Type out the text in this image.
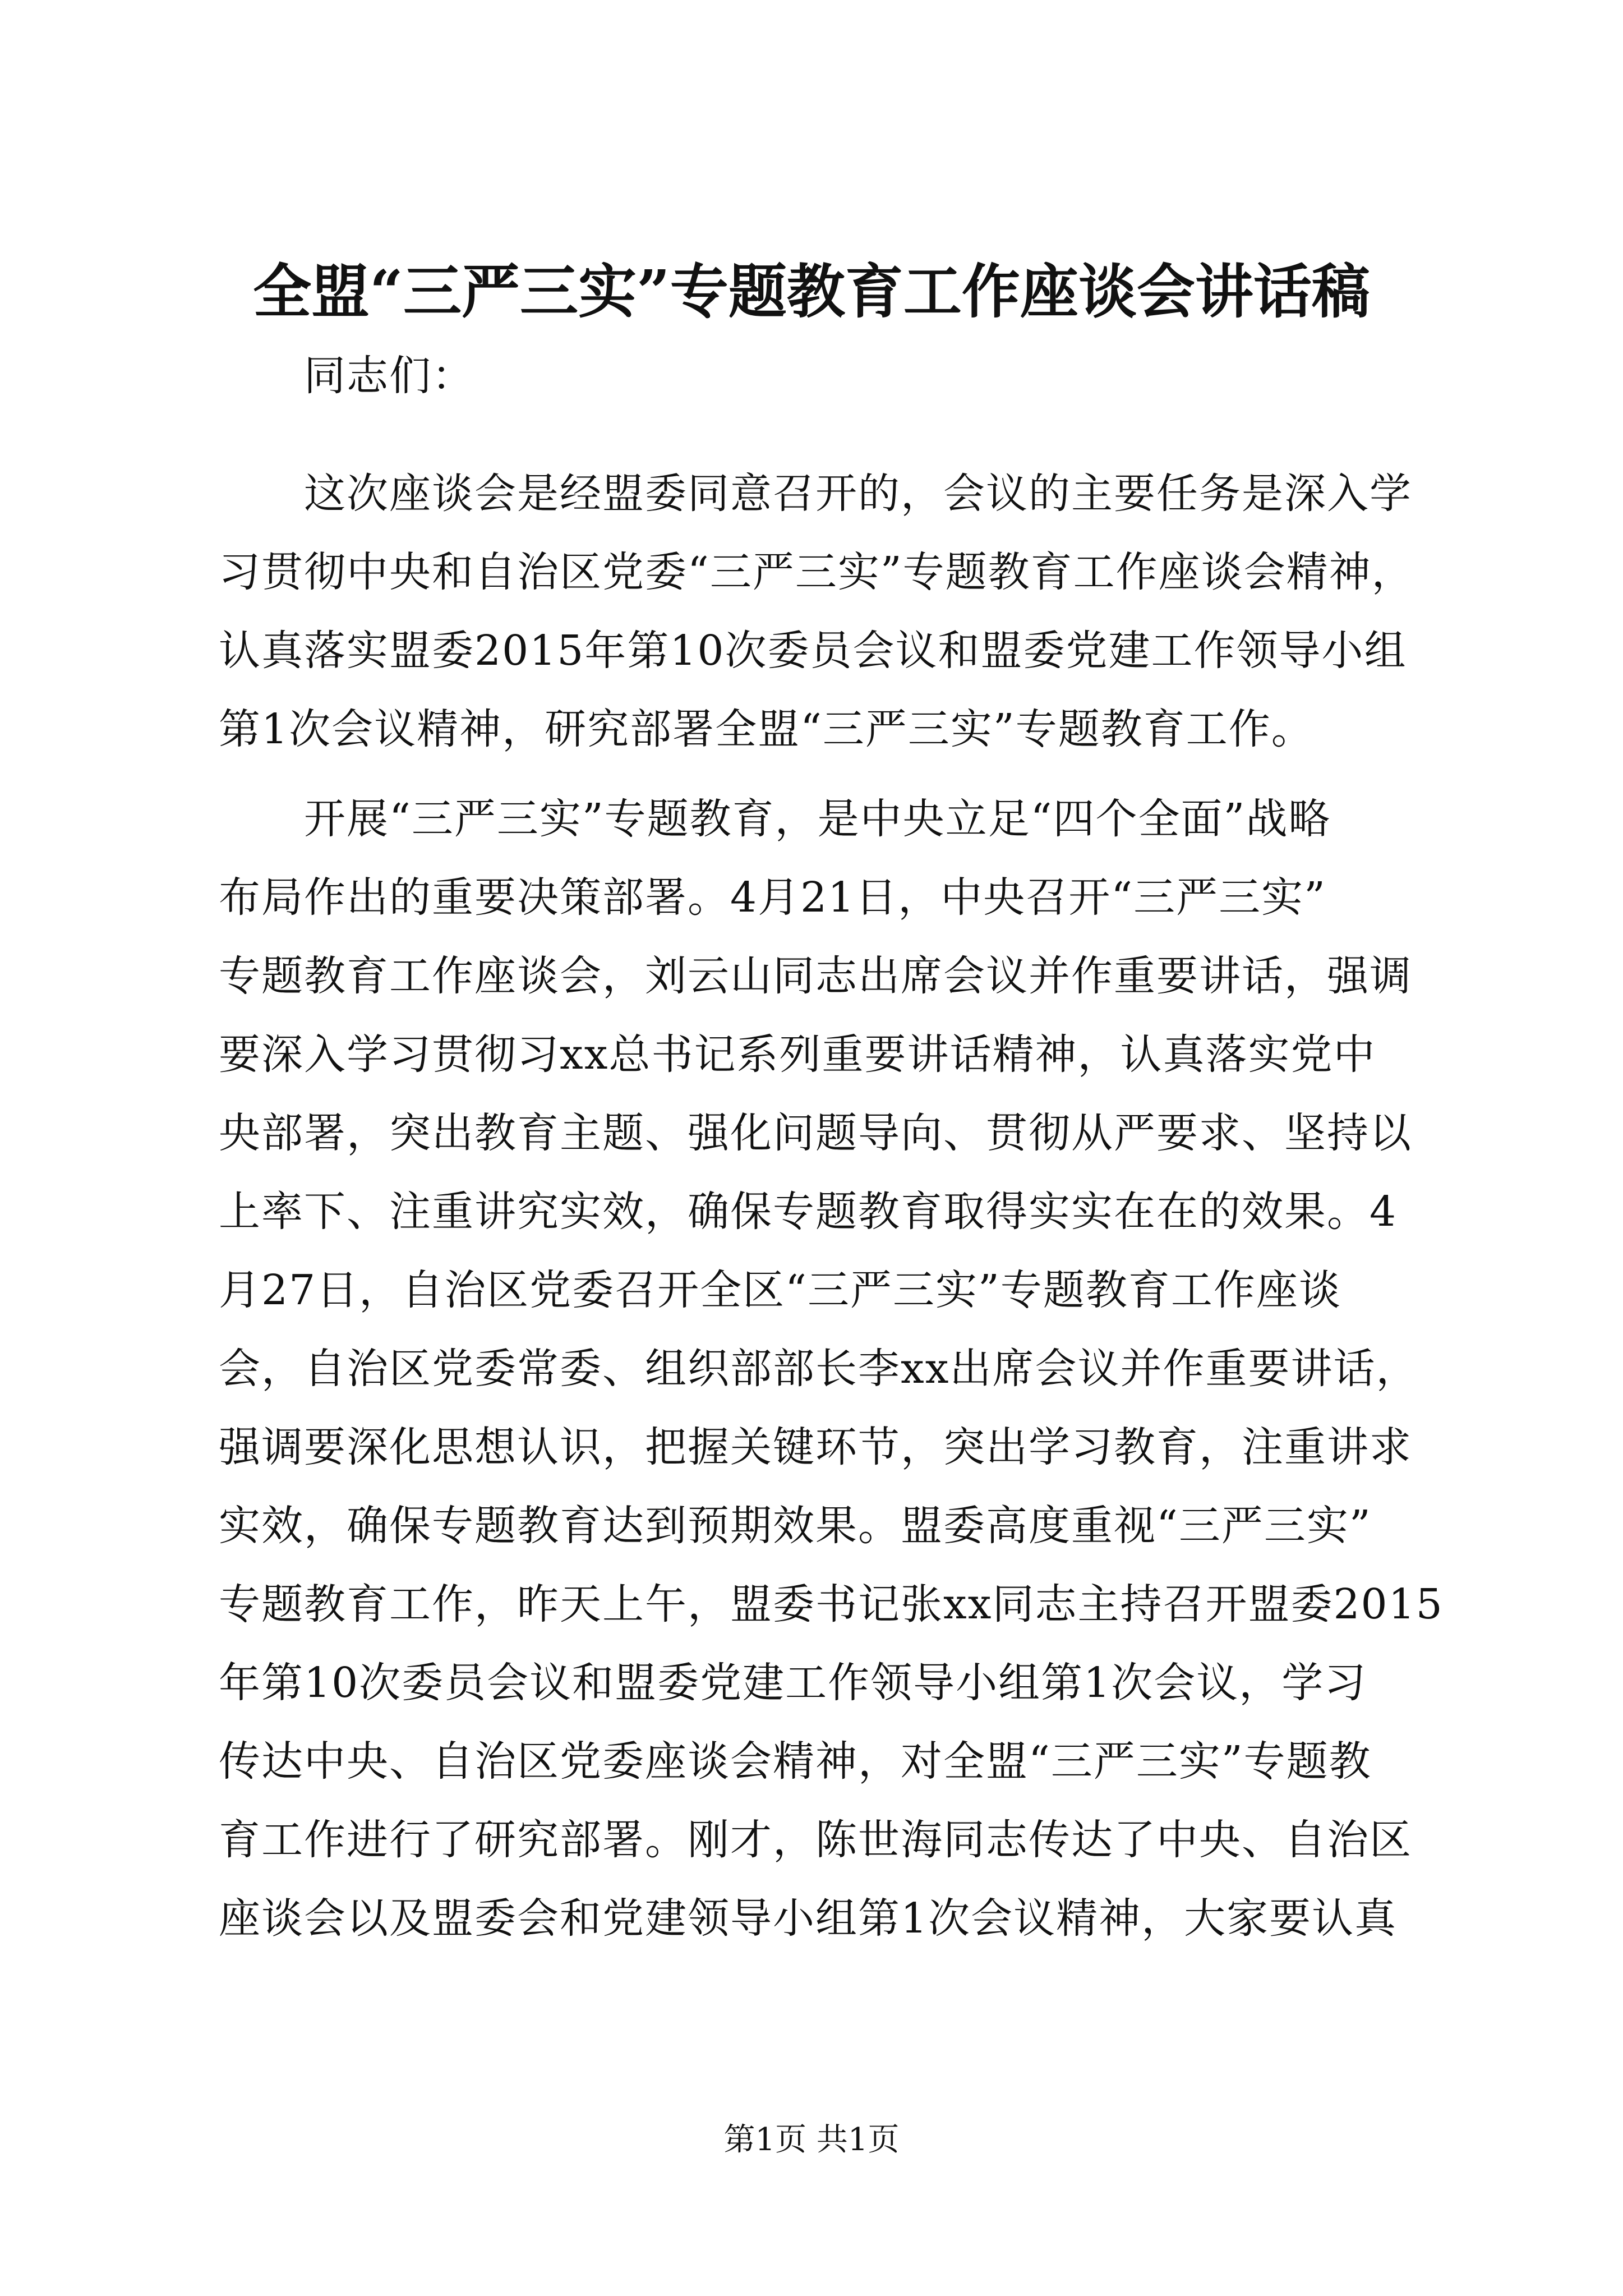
全盟“三严三实”专题教育工作座谈会讲话稿
　　同志们：
　　这次座谈会是经盟委同意召开的，会议的主要任务是深入学
习贯彻中央和自治区党委“三严三实”专题教育工作座谈会精神，
认真落实盟委2015年第10次委员会议和盟委党建工作领导小组
第1次会议精神，研究部署全盟“三严三实”专题教育工作。
　　开展“三严三实”专题教育，是中央立足“四个全面”战略
布局作出的重要决策部署。4月21日，中央召开“三严三实”
专题教育工作座谈会，刘云山同志出席会议并作重要讲话，强调
要深入学习贯彻习xx总书记系列重要讲话精神，认真落实党中
央部署，突出教育主题、强化问题导向、贯彻从严要求、坚持以
上率下、注重讲究实效，确保专题教育取得实实在在的效果。4
月27日，自治区党委召开全区“三严三实”专题教育工作座谈
会，自治区党委常委、组织部部长李xx出席会议并作重要讲话，
强调要深化思想认识，把握关键环节，突出学习教育，注重讲求
实效，确保专题教育达到预期效果。盟委高度重视“三严三实”
专题教育工作，昨天上午，盟委书记张xx同志主持召开盟委2015
年第10次委员会议和盟委党建工作领导小组第1次会议，学习
传达中央、自治区党委座谈会精神，对全盟“三严三实”专题教
育工作进行了研究部署。刚才，陈世海同志传达了中央、自治区
座谈会以及盟委会和党建领导小组第1次会议精神，大家要认真
第1页 共1页
